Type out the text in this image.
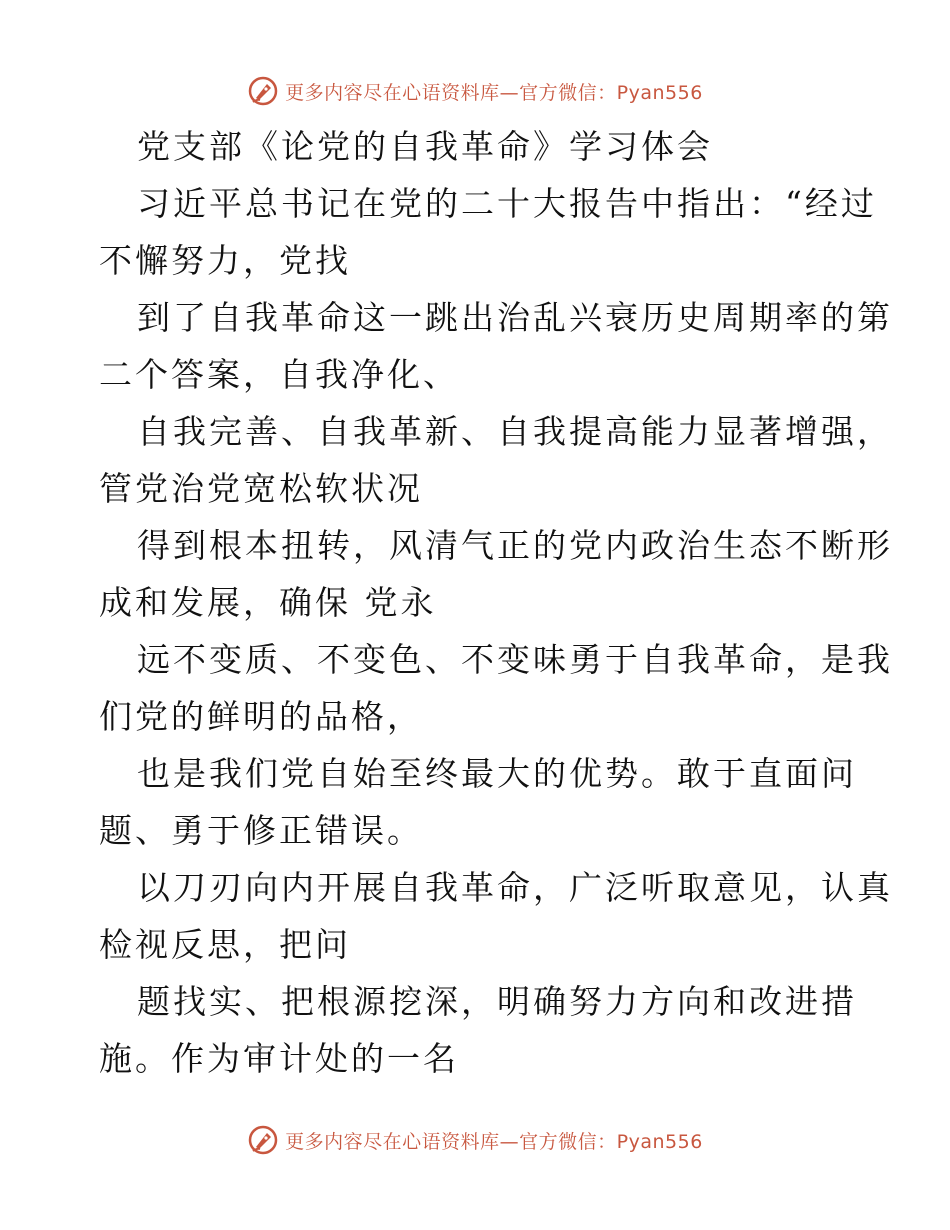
更多内容尽在心语资料库—官方微信：Pyan556

党支部《论党的自我革命》学习体会

习近平总书记在党的二十大报告中指出：“经过

不懈努力，党找

到了自我革命这一跳出治乱兴衰历史周期率的第

二个答案，自我净化、

自我完善、自我革新、自我提高能力显著增强，

管党治党宽松软状况

得到根本扭转，风清气正的党内政治生态不断形

成和发展，确保 党永

远不变质、不变色、不变味勇于自我革命，是我

们党的鲜明的品格，

也是我们党自始至终最大的优势。敢于直面问

题、勇于修正错误。

以刀刃向内开展自我革命，广泛听取意见，认真

检视反思，把问

题找实、把根源挖深，明确努力方向和改进措

施。作为审计处的一名

更多内容尽在心语资料库—官方微信：Pyan556
